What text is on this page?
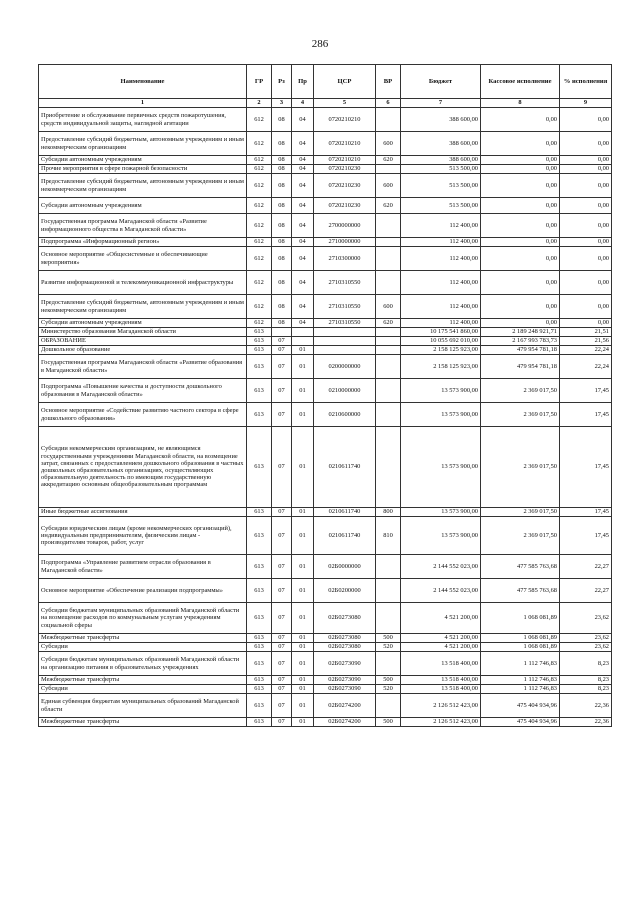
286
Наименование	ГР	Рз	Пр	ЦСР	ВР	Бюджет	Кассовое исполнение	% исполнения
1	2	3	4	5	6	7	8	9
Приобретение и обслуживание первичных средств пожаротушения, средств индивидуальной защиты, наглядной агитации	612	08	04	0720210210		388 600,00	0,00	0,00
Предоставление субсидий бюджетным, автономным учреждениям и иным некоммерческим организациям	612	08	04	0720210210	600	388 600,00	0,00	0,00
Субсидии автономным учреждениям	612	08	04	0720210210	620	388 600,00	0,00	0,00
Прочие мероприятия в сфере пожарной безопасности	612	08	04	0720210230		513 500,00	0,00	0,00
Предоставление субсидий бюджетным, автономным учреждениям и иным некоммерческим организациям	612	08	04	0720210230	600	513 500,00	0,00	0,00
Субсидии автономным учреждениям	612	08	04	0720210230	620	513 500,00	0,00	0,00
Государственная программа Магаданской области «Развитие информационного общества в Магаданской области»	612	08	04	2700000000		112 400,00	0,00	0,00
Подпрограмма «Информационный регион»	612	08	04	2710000000		112 400,00	0,00	0,00
Основное мероприятие «Общесистемные и обеспечивающие мероприятия»	612	08	04	2710300000		112 400,00	0,00	0,00
Развитие информационной и телекоммуникационной инфраструктуры	612	08	04	2710310550		112 400,00	0,00	0,00
Предоставление субсидий бюджетным, автономным учреждениям и иным некоммерческим организациям	612	08	04	2710310550	600	112 400,00	0,00	0,00
Субсидии автономным учреждениям	612	08	04	2710310550	620	112 400,00	0,00	0,00
Министерство образования Магаданской области	613					10 175 541 860,00	2 189 248 921,71	21,51
ОБРАЗОВАНИЕ	613	07				10 055 692 010,00	2 167 993 783,73	21,56
Дошкольное образование	613	07	01			2 158 125 923,00	479 954 781,18	22,24
Государственная программа Магаданской области «Развитие образования в Магаданской области»	613	07	01	0200000000		2 158 125 923,00	479 954 781,18	22,24
Подпрограмма «Повышение качества и доступности дошкольного образования в Магаданской области»	613	07	01	0210000000		13 573 900,00	2 369 017,50	17,45
Основное мероприятие «Содействие развитию частного сектора в сфере дошкольного образования»	613	07	01	0210600000		13 573 900,00	2 369 017,50	17,45
Субсидии некоммерческим организациям, не являющимся государственными учреждениями Магаданской области, на возмещение затрат, связанных с предоставлением дошкольного образования в частных дошкольных образовательных организациях, осуществляющих образовательную деятельность по имеющим государственную аккредитацию основным общеобразовательным программам	613	07	01	0210611740		13 573 900,00	2 369 017,50	17,45
Иные бюджетные ассигнования	613	07	01	0210611740	800	13 573 900,00	2 369 017,50	17,45
Субсидии юридическим лицам (кроме некоммерческих организаций), индивидуальным предпринимателям, физическим лицам - производителям товаров, работ, услуг	613	07	01	0210611740	810	13 573 900,00	2 369 017,50	17,45
Подпрограмма «Управление развитием отрасли образования в Магаданской области»	613	07	01	02Б0000000		2 144 552 023,00	477 585 763,68	22,27
Основное мероприятие «Обеспечение реализации подпрограммы»	613	07	01	02Б0200000		2 144 552 023,00	477 585 763,68	22,27
Субсидии бюджетам муниципальных образований Магаданской области на возмещение расходов по коммунальным услугам учреждениям социальной сферы	613	07	01	02Б0273080		4 521 200,00	1 068 081,89	23,62
Межбюджетные трансферты	613	07	01	02Б0273080	500	4 521 200,00	1 068 081,89	23,62
Субсидии	613	07	01	02Б0273080	520	4 521 200,00	1 068 081,89	23,62
Субсидии бюджетам муниципальных образований Магаданской области на организацию питания в образовательных учреждениях	613	07	01	02Б0273090		13 518 400,00	1 112 746,83	8,23
Межбюджетные трансферты	613	07	01	02Б0273090	500	13 518 400,00	1 112 746,83	8,23
Субсидии	613	07	01	02Б0273090	520	13 518 400,00	1 112 746,83	8,23
Единая субвенция бюджетам муниципальных образований Магаданской области	613	07	01	02Б0274200		2 126 512 423,00	475 404 934,96	22,36
Межбюджетные трансферты	613	07	01	02Б0274200	500	2 126 512 423,00	475 404 934,96	22,36
